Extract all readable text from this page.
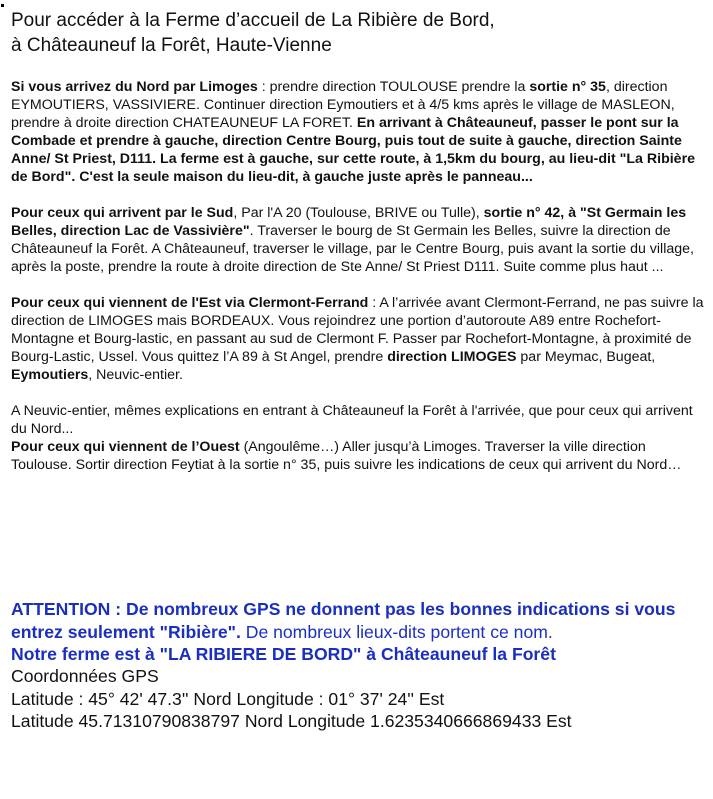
Pour accéder à la Ferme d’accueil de La Ribière de Bord,
à Châteauneuf la Forêt, Haute-Vienne

Si vous arrivez du Nord par Limoges : prendre direction TOULOUSE prendre la sortie n° 35, direction EYMOUTIERS, VASSIVIERE. Continuer direction Eymoutiers et à 4/5 kms après le village de MASLEON, prendre à droite direction CHATEAUNEUF LA FORET. En arrivant à Châteauneuf, passer le pont sur la Combade et prendre à gauche, direction Centre Bourg, puis tout de suite à gauche, direction Sainte Anne/ St Priest, D111. La ferme est à gauche, sur cette route, à 1,5km du bourg, au lieu-dit "La Ribière de Bord". C'est la seule maison du lieu-dit, à gauche juste après le panneau...

Pour ceux qui arrivent par le Sud, Par l'A 20 (Toulouse, BRIVE ou Tulle), sortie n° 42, à "St Germain les Belles, direction Lac de Vassivière". Traverser le bourg de St Germain les Belles, suivre la direction de Châteauneuf la Forêt. A Châteauneuf, traverser le village, par le Centre Bourg, puis avant la sortie du village, après la poste, prendre la route à droite direction de Ste Anne/ St Priest D111. Suite comme plus haut ...

Pour ceux qui viennent de l'Est via Clermont-Ferrand : A l’arrivée avant Clermont-Ferrand, ne pas suivre la direction de LIMOGES mais BORDEAUX. Vous rejoindrez une portion d’autoroute A89 entre Rochefort-Montagne et Bourg-lastic, en passant au sud de Clermont F. Passer par Rochefort-Montagne, à proximité de Bourg-Lastic, Ussel. Vous quittez l’A 89 à St Angel, prendre direction LIMOGES par Meymac, Bugeat, Eymoutiers, Neuvic-entier.

A Neuvic-entier, mêmes explications en entrant à Châteauneuf la Forêt à l'arrivée, que pour ceux qui arrivent du Nord...

Pour ceux qui viennent de l’Ouest (Angoulême…) Aller jusqu’à Limoges. Traverser la ville direction Toulouse. Sortir direction Feytiat à la sortie n° 35, puis suivre les indications de ceux qui arrivent du Nord…

ATTENTION : De nombreux GPS ne donnent pas les bonnes indications si vous entrez seulement "Ribière". De nombreux lieux-dits portent ce nom.
Notre ferme est à "LA RIBIERE DE BORD" à Châteauneuf la Forêt
Coordonnées GPS
Latitude : 45° 42' 47.3'' Nord Longitude : 01° 37' 24'' Est
Latitude 45.71310790838797 Nord Longitude 1.6235340666869433 Est
